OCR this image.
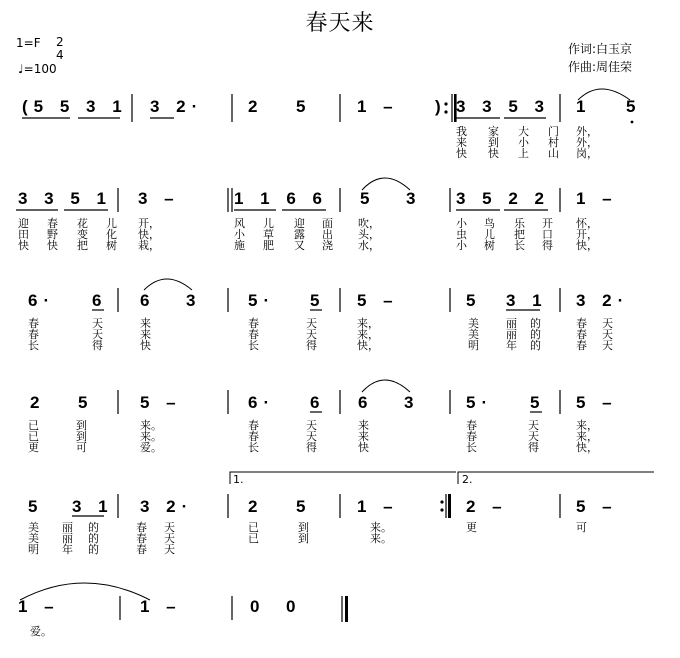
春天来
1=F 2
4
♩=100
作词:白玉京
作曲:周佳荣
(5 5 3 1 3 2·	2 5	1 – ) 3 3 5 3 1 5
我 家 大 门 外，
来 到 小 村 外，
快 快 上 山 岗，
3 3 5 1 3 –	1 1 6 6 5 3 3 5 2 2 1 –
迎 春 花 儿 开，	风 儿 迎 面 吹，	小 鸟 乐 开 怀，
田 野 变 化 快，	小 草 露 出 头，	虫 儿 把 口 开，
快 快 把 树 栽，	施 肥 又 浇 水，	小 树 长 得 快，
6· 6 6 3	5· 5 5 –	5 3 1 3 2·
春	天	来	春	天	来，	美 丽 的	春 天
春	天	来	春	天	来，	美 丽 的	春 天
长	得	快	长	得	快，	明 年 的	春 天
2 5	5 –	6· 6 6 3	5· 5 5 –
已	到	来。	春	天	来	春	天	来，
已	到	来。	春	天	来	春	天	来，
更	可	爱。	长	得	快	长	得	快，
5 3 1 3 2·	2 5	1 –	2 –	5 –
美 丽 的	春 天	已	到	来。	更	可
美 丽 的	春 天	已	到	来。
明 年 的	春 天
1.	2.
1 –	1 –	0 0
爱。
